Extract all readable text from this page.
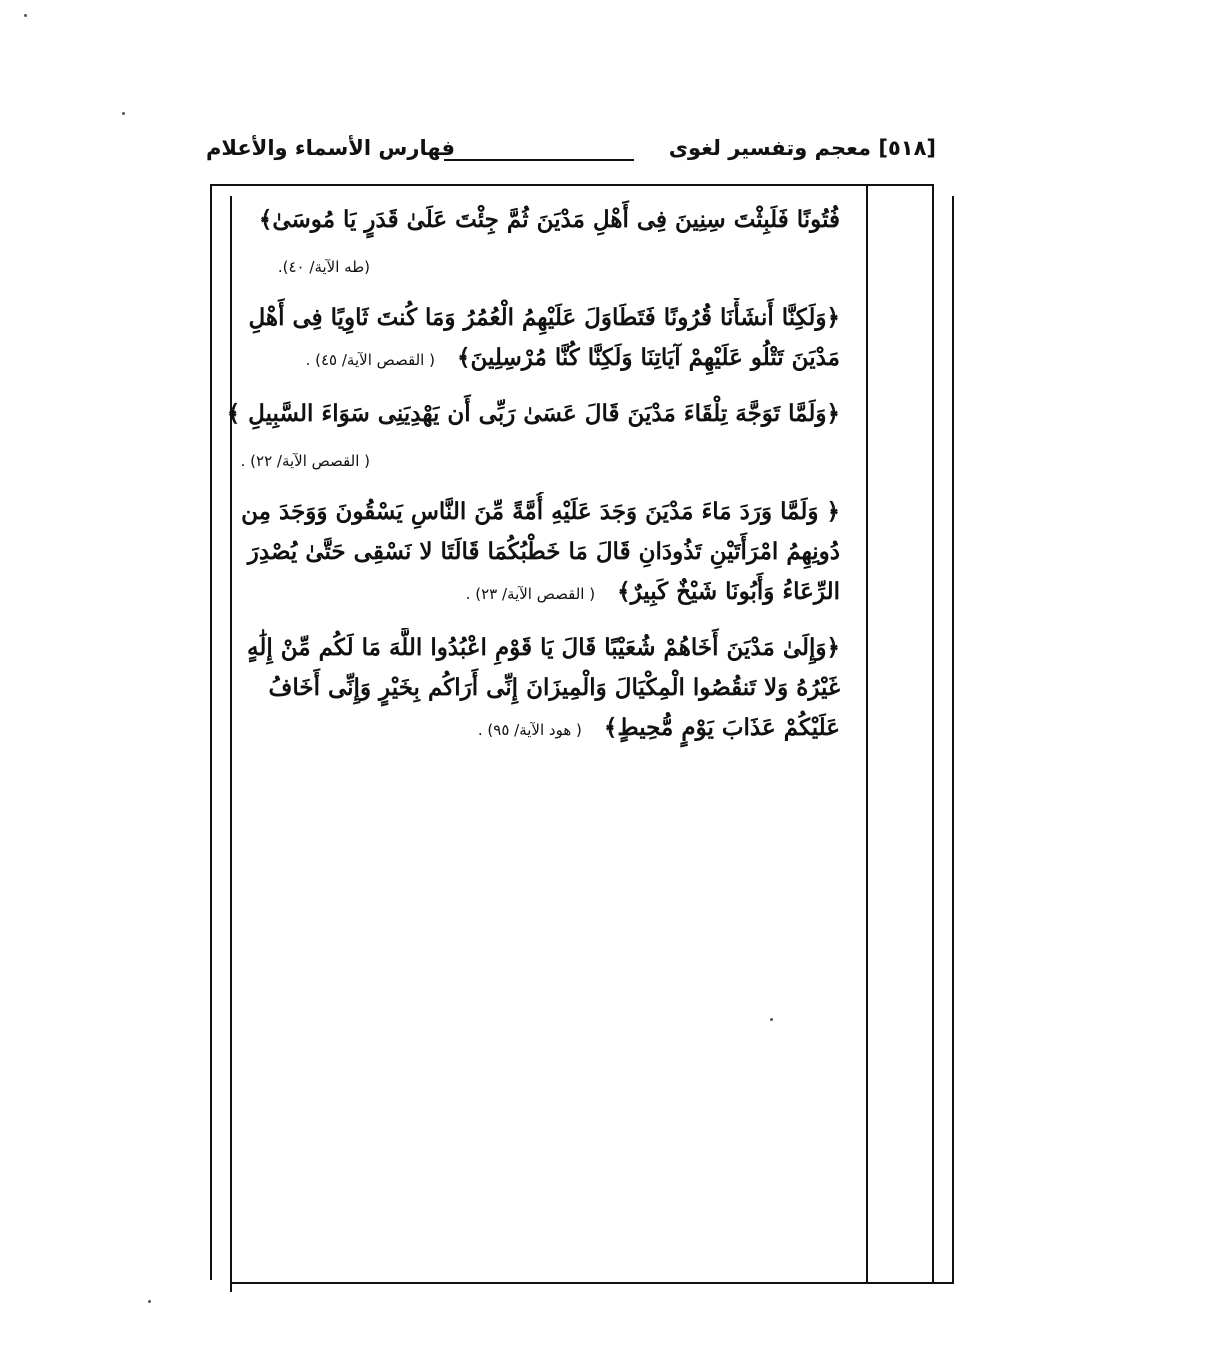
[٥١٨] معجم وتفسير لغوى
فهارس الأسماء والأعلام
فُتُونًا فَلَبِثْتَ سِنِينَ فِى أَهْلِ مَدْيَنَ ثُمَّ جِئْتَ عَلَىٰ قَدَرٍ يَا مُوسَىٰ﴾
(طه الآية/ ٤٠).
﴿وَلَكِنَّا أَنشَأْنَا قُرُونًا فَتَطَاوَلَ عَلَيْهِمُ الْعُمُرُ وَمَا كُنتَ ثَاوِيًا فِى أَهْلِ
مَدْيَنَ تَتْلُو عَلَيْهِمْ آيَاتِنَا وَلَكِنَّا كُنَّا مُرْسِلِينَ﴾ ( القصص الآية/ ٤٥) .
﴿وَلَمَّا تَوَجَّهَ تِلْقَاءَ مَدْيَنَ قَالَ عَسَىٰ رَبِّى أَن يَهْدِيَنِى سَوَاءَ السَّبِيلِ ﴾
( القصص الآية/ ٢٢) .
﴿ وَلَمَّا وَرَدَ مَاءَ مَدْيَنَ وَجَدَ عَلَيْهِ أُمَّةً مِّنَ النَّاسِ يَسْقُونَ وَوَجَدَ مِن
دُونِهِمُ امْرَأَتَيْنِ تَذُودَانِ قَالَ مَا خَطْبُكُمَا قَالَتَا لا نَسْقِى حَتَّىٰ يُصْدِرَ
الرِّعَاءُ وَأَبُونَا شَيْخٌ كَبِيرٌ﴾ ( القصص الآية/ ٢٣) .
﴿وَإِلَىٰ مَدْيَنَ أَخَاهُمْ شُعَيْبًا قَالَ يَا قَوْمِ اعْبُدُوا اللَّهَ مَا لَكُم مِّنْ إِلَٰهٍ
غَيْرُهُ وَلا تَنقُصُوا الْمِكْيَالَ وَالْمِيزَانَ إِنِّى أَرَاكُم بِخَيْرٍ وَإِنِّى أَخَافُ
عَلَيْكُمْ عَذَابَ يَوْمٍ مُّحِيطٍ﴾ ( هود الآية/ ٩٥) .
